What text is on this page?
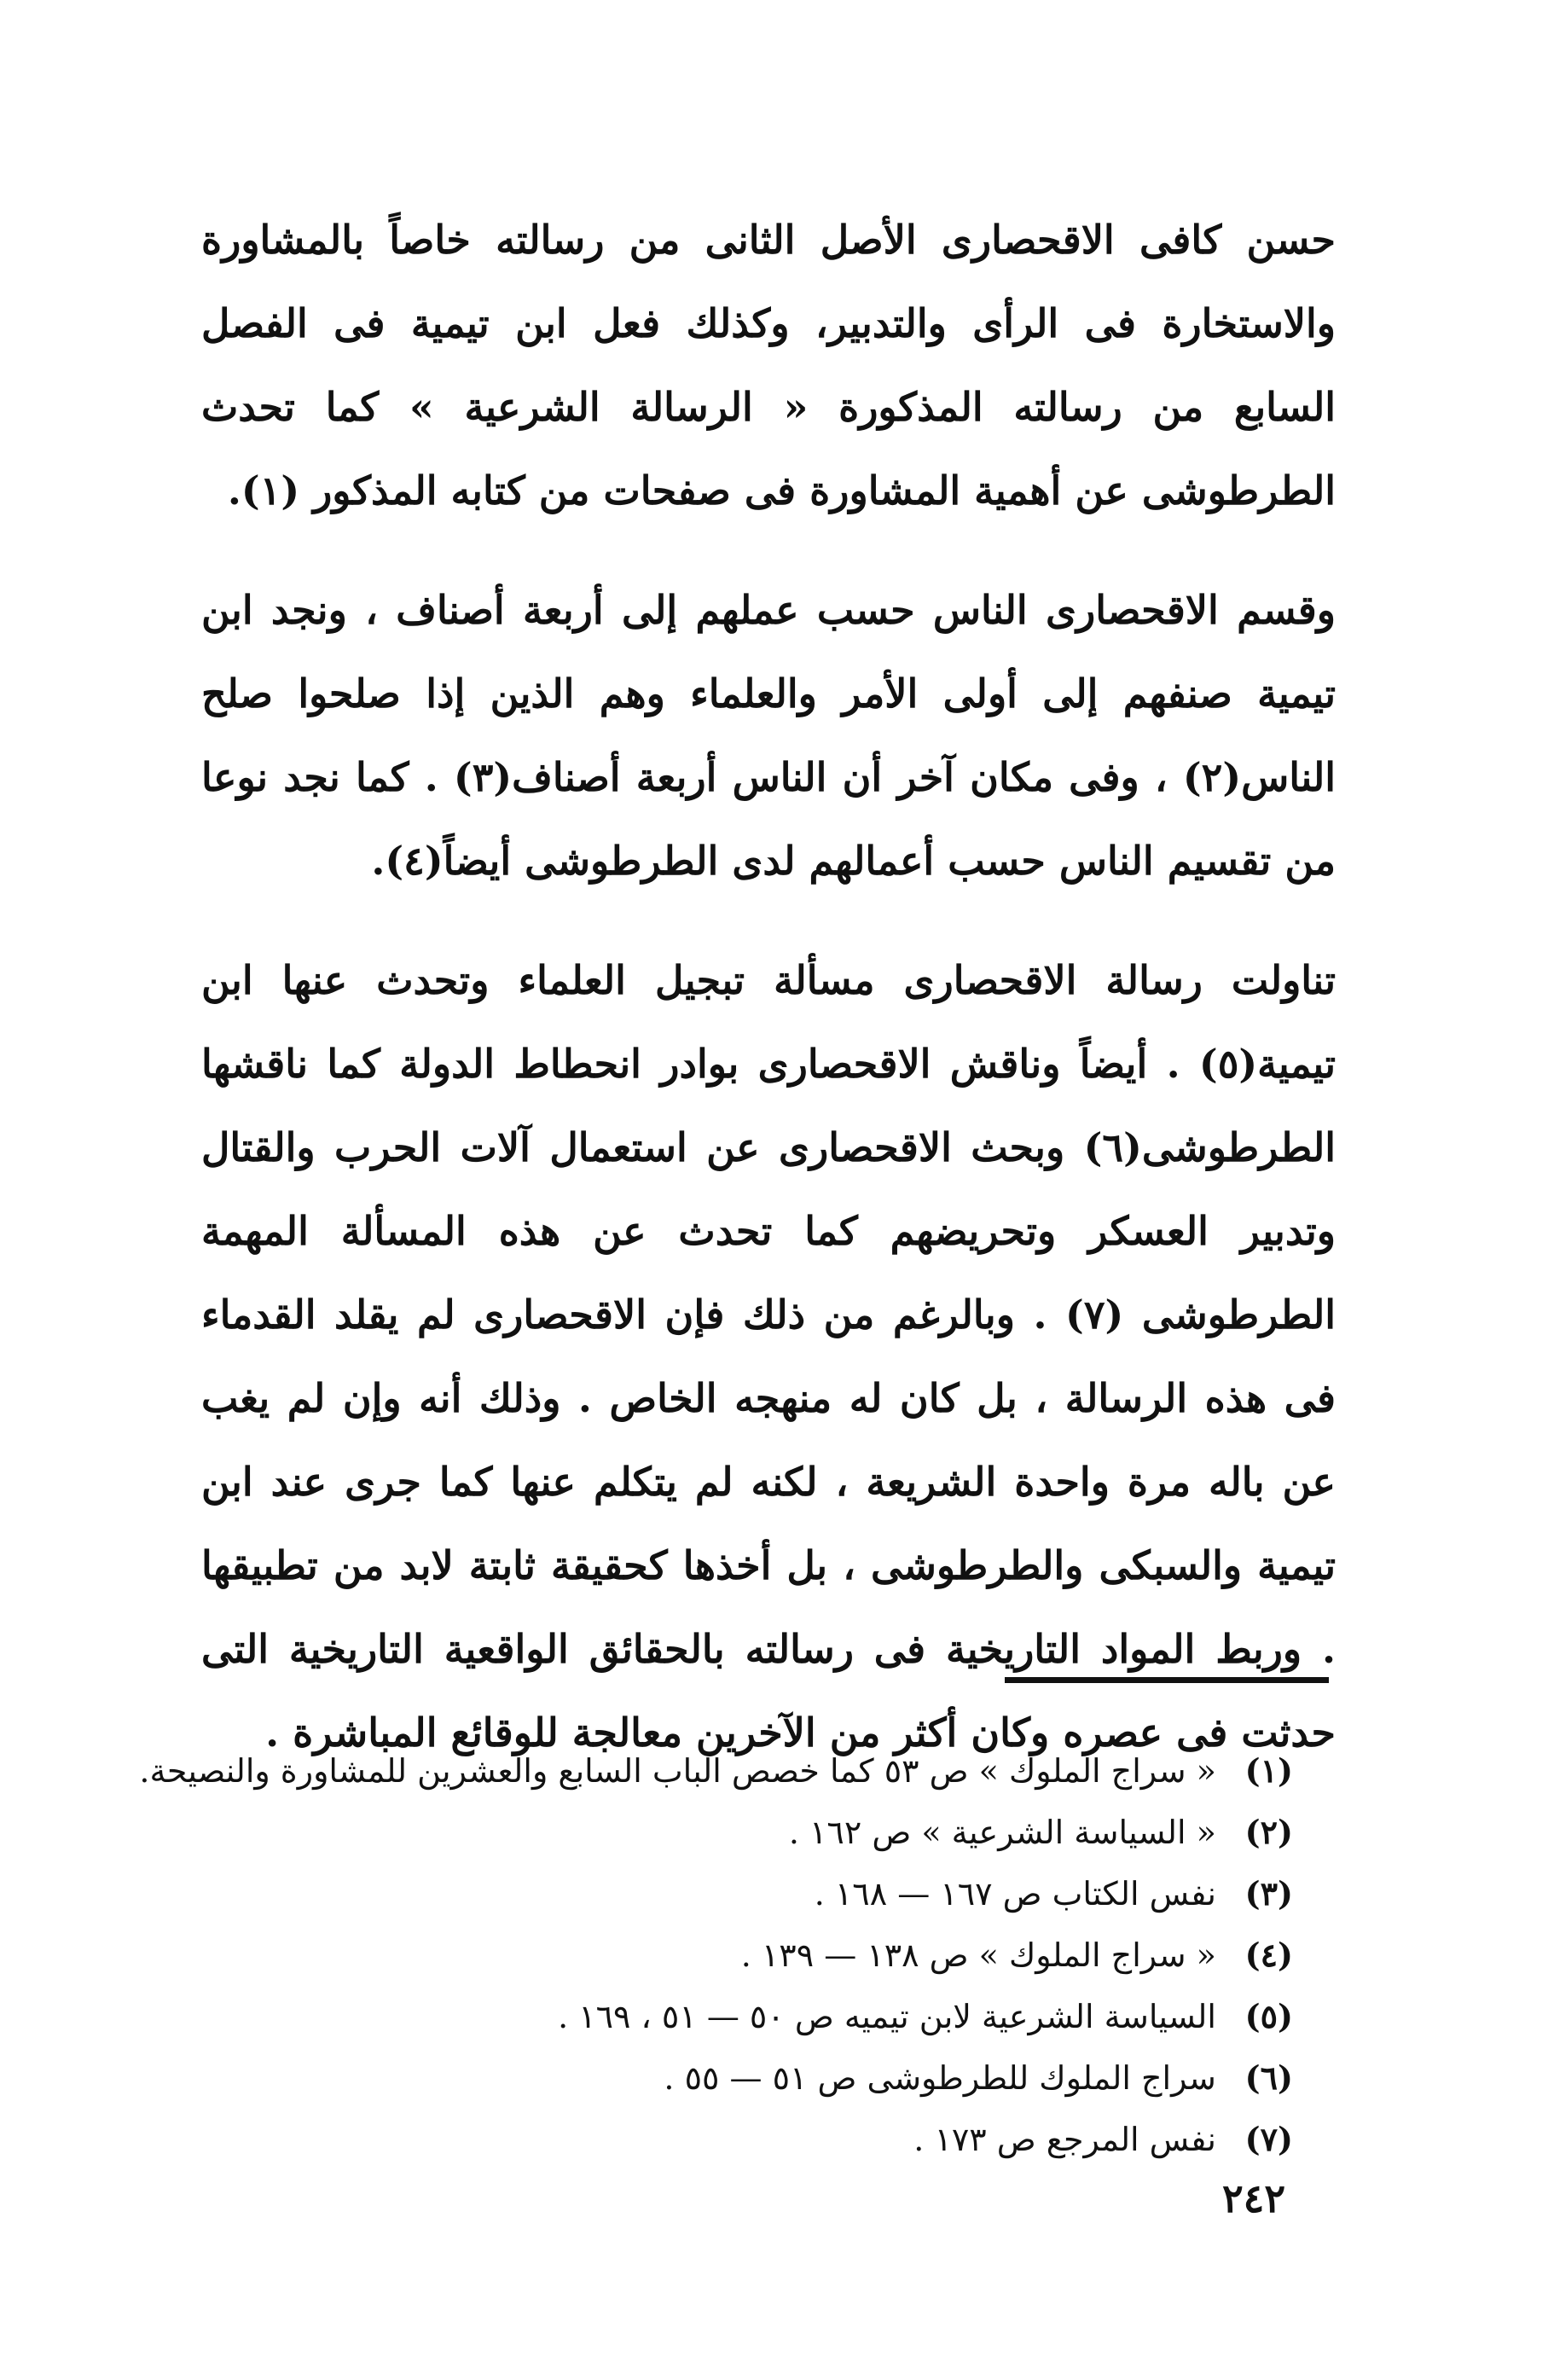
حسن كافى الاقحصارى الأصل الثانى من رسالته خاصاً بالمشاورة والاستخارة فى الرأى والتدبير، وكذلك فعل ابن تيمية فى الفصل السابع من رسالته المذكورة « الرسالة الشرعية » كما تحدث الطرطوشى عن أهمية المشاورة فى صفحات من كتابه المذكور (١).

وقسم الاقحصارى الناس حسب عملهم إلى أربعة أصناف ، ونجد ابن تيمية صنفهم إلى أولى الأمر والعلماء وهم الذين إذا صلحوا صلح الناس(٢) ، وفى مكان آخر أن الناس أربعة أصناف(٣) . كما نجد نوعا من تقسيم الناس حسب أعمالهم لدى الطرطوشى أيضاً(٤).

تناولت رسالة الاقحصارى مسألة تبجيل العلماء وتحدث عنها ابن تيمية(٥) . أيضاً وناقش الاقحصارى بوادر انحطاط الدولة كما ناقشها الطرطوشى(٦) وبحث الاقحصارى عن استعمال آلات الحرب والقتال وتدبير العسكر وتحريضهم كما تحدث عن هذه المسألة المهمة الطرطوشى (٧) . وبالرغم من ذلك فإن الاقحصارى لم يقلد القدماء فى هذه الرسالة ، بل كان له منهجه الخاص . وذلك أنه وإن لم يغب عن باله مرة واحدة الشريعة ، لكنه لم يتكلم عنها كما جرى عند ابن تيمية والسبكى والطرطوشى ، بل أخذها كحقيقة ثابتة لابد من تطبيقها . وربط المواد التاريخية فى رسالته بالحقائق الواقعية التاريخية التى حدثت فى عصره وكان أكثر من الآخرين معالجة للوقائع المباشرة .

(١) « سراج الملوك » ص ٥٣ كما خصص الباب السابع والعشرين للمشاورة والنصيحة.
(٢) « السياسة الشرعية » ص ١٦٢ .
(٣) نفس الكتاب ص ١٦٧ — ١٦٨ .
(٤) « سراج الملوك » ص ١٣٨ — ١٣٩ .
(٥) السياسة الشرعية لابن تيميه ص ٥٠ — ٥١ ، ١٦٩ .
(٦) سراج الملوك للطرطوشى ص ٥١ — ٥٥ .
(٧) نفس المرجع ص ١٧٣ .
٢٤٢
